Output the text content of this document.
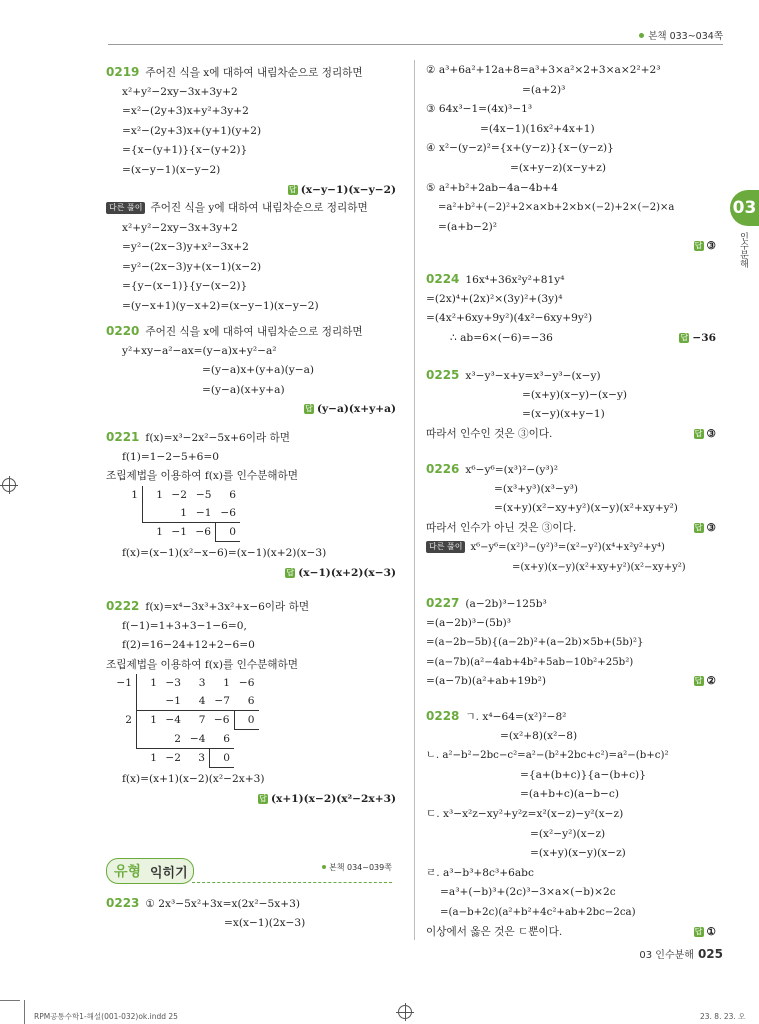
본책 033~034쪽
03
인수분해
0219 주어진 식을 x에 대하여 내림차순으로 정리하면
x²+y²−2xy−3x+3y+2
=x²−(2y+3)x+y²+3y+2
=x²−(2y+3)x+(y+1)(y+2)
={x−(y+1)}{x−(y+2)}
=(x−y−1)(x−y−2)
답 (x−y−1)(x−y−2)
다른 풀이 주어진 식을 y에 대하여 내림차순으로 정리하면
x²+y²−2xy−3x+3y+2
=y²−(2x−3)y+x²−3x+2
=y²−(2x−3)y+(x−1)(x−2)
={y−(x−1)}{y−(x−2)}
=(y−x+1)(y−x+2)=(x−y−1)(x−y−2)
0220 주어진 식을 x에 대하여 내림차순으로 정리하면
y²+xy−a²−ax=(y−a)x+y²−a²
=(y−a)x+(y+a)(y−a)
=(y−a)(x+y+a)
답 (y−a)(x+y+a)
0221 f(x)=x³−2x²−5x+6이라 하면
f(1)=1−2−5+6=0
조립제법을 이용하여 f(x)를 인수분해하면
1	1	−2	−5	6
		1	−1	−6
	1	−1	−6	0
f(x)=(x−1)(x²−x−6)=(x−1)(x+2)(x−3)
답 (x−1)(x+2)(x−3)
0222 f(x)=x⁴−3x³+3x²+x−6이라 하면
f(−1)=1+3+3−1−6=0,
f(2)=16−24+12+2−6=0
조립제법을 이용하여 f(x)를 인수분해하면
−1	1	−3	3	1	−6
		−1	4	−7	6
2	1	−4	7	−6	0
		2	−4	6	
	1	−2	3	0	
f(x)=(x+1)(x−2)(x²−2x+3)
답 (x+1)(x−2)(x²−2x+3)
유형 익히기	본책 034~039쪽
0223 ① 2x³−5x²+3x=x(2x²−5x+3)
=x(x−1)(2x−3)
② a³+6a²+12a+8=a³+3×a²×2+3×a×2²+2³
=(a+2)³
③ 64x³−1=(4x)³−1³
=(4x−1)(16x²+4x+1)
④ x²−(y−z)²={x+(y−z)}{x−(y−z)}
=(x+y−z)(x−y+z)
⑤ a²+b²+2ab−4a−4b+4
=a²+b²+(−2)²+2×a×b+2×b×(−2)+2×(−2)×a
=(a+b−2)²
답 ③
0224 16x⁴+36x²y²+81y⁴
=(2x)⁴+(2x)²×(3y)²+(3y)⁴
=(4x²+6xy+9y²)(4x²−6xy+9y²)
∴ ab=6×(−6)=−36	답 −36
0225 x³−y³−x+y=x³−y³−(x−y)
=(x+y)(x−y)−(x−y)
=(x−y)(x+y−1)
따라서 인수인 것은 ③이다.	답 ③
0226 x⁶−y⁶=(x³)²−(y³)²
=(x³+y³)(x³−y³)
=(x+y)(x²−xy+y²)(x−y)(x²+xy+y²)
따라서 인수가 아닌 것은 ③이다.	답 ③
다른 풀이 x⁶−y⁶=(x²)³−(y²)³=(x²−y²)(x⁴+x²y²+y⁴)
=(x+y)(x−y)(x²+xy+y²)(x²−xy+y²)
0227 (a−2b)³−125b³
=(a−2b)³−(5b)³
=(a−2b−5b){(a−2b)²+(a−2b)×5b+(5b)²}
=(a−7b)(a²−4ab+4b²+5ab−10b²+25b²)
=(a−7b)(a²+ab+19b²)	답 ②
0228 ㄱ. x⁴−64=(x²)²−8²
=(x²+8)(x²−8)
ㄴ. a²−b²−2bc−c²=a²−(b²+2bc+c²)=a²−(b+c)²
={a+(b+c)}{a−(b+c)}
=(a+b+c)(a−b−c)
ㄷ. x³−x²z−xy²+y²z=x²(x−z)−y²(x−z)
=(x²−y²)(x−z)
=(x+y)(x−y)(x−z)
ㄹ. a³−b³+8c³+6abc
=a³+(−b)³+(2c)³−3×a×(−b)×2c
=(a−b+2c)(a²+b²+4c²+ab+2bc−2ca)
이상에서 옳은 것은 ㄷ뿐이다.	답 ①
03 인수분해 025
RPM공통수학1-해설(001-032)ok.indd 25	23. 8. 23. 오
